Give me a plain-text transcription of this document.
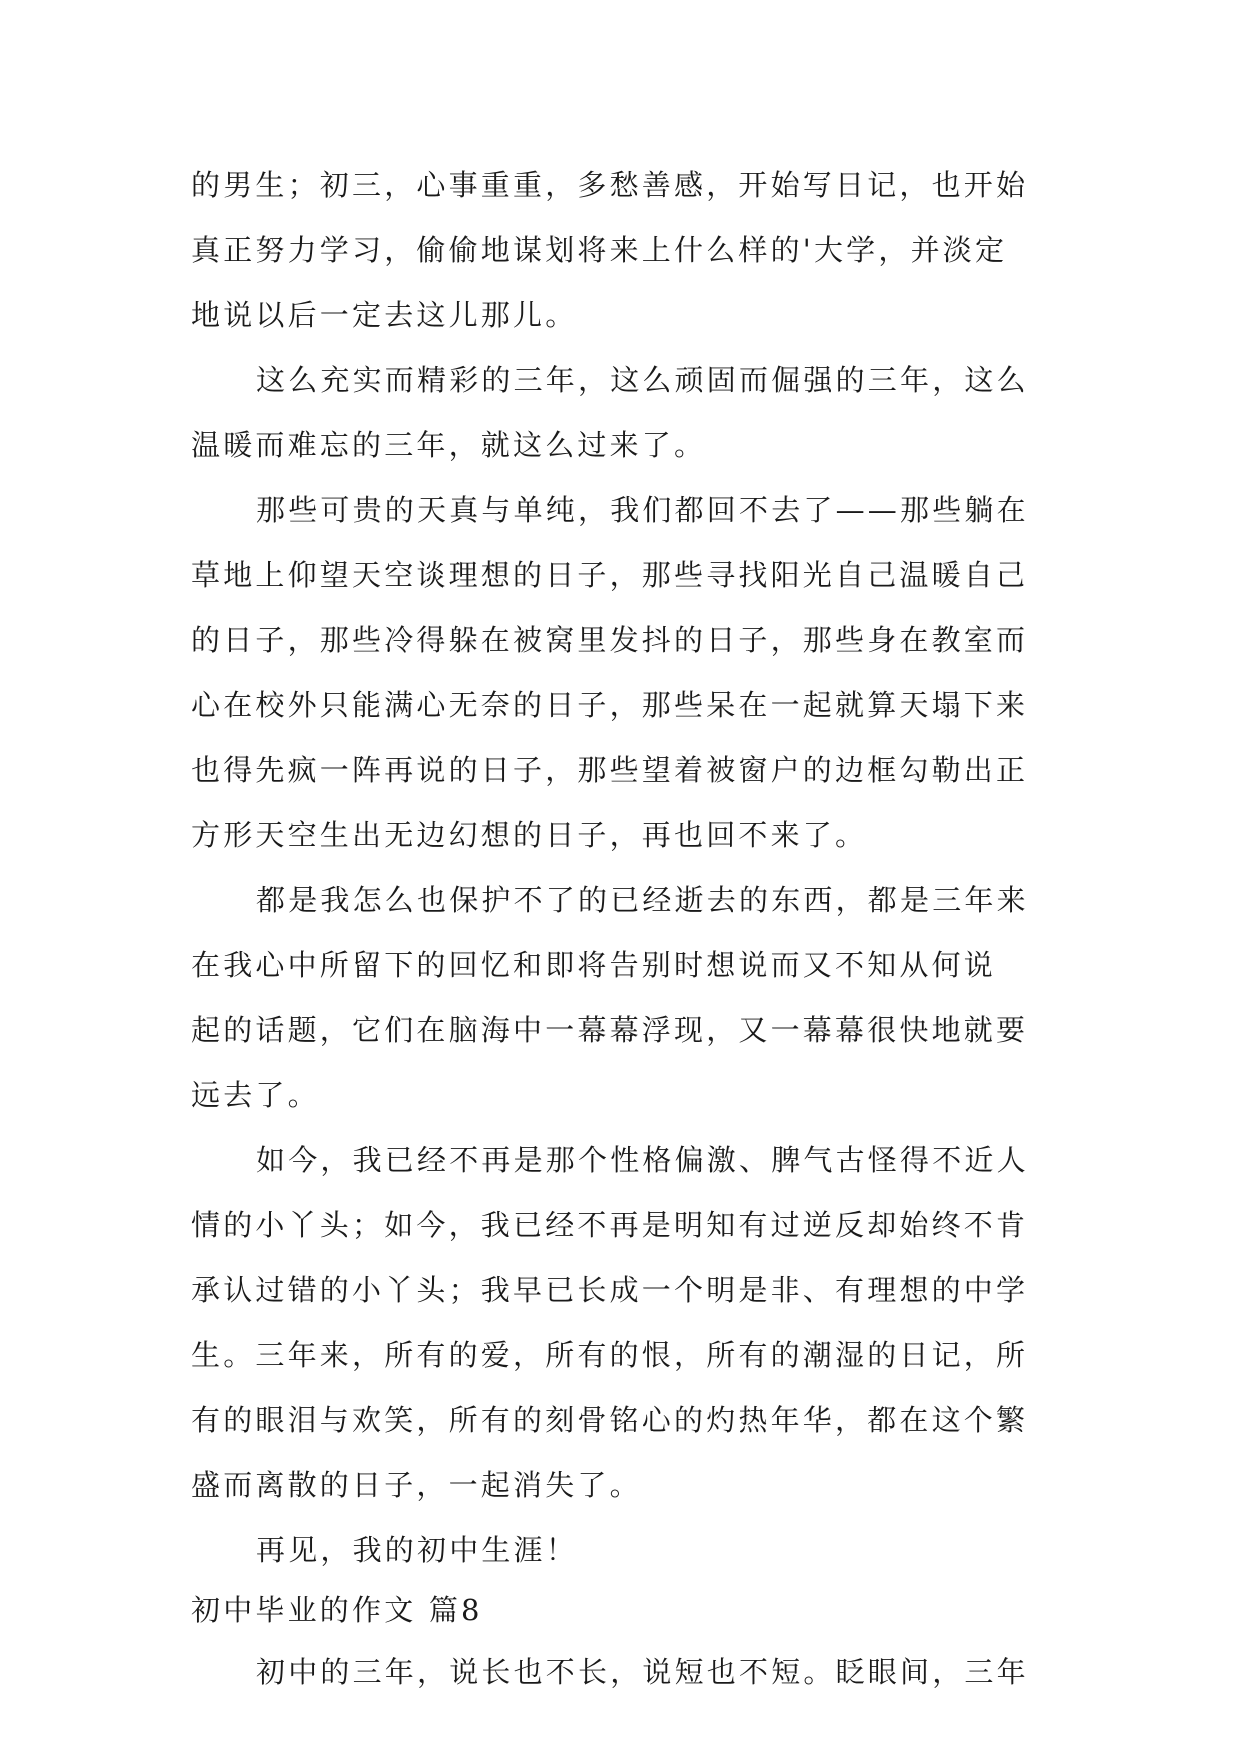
的男生；初三，心事重重，多愁善感，开始写日记，也开始
真正努力学习，偷偷地谋划将来上什么样的'大学，并淡定
地说以后一定去这儿那儿。
这么充实而精彩的三年，这么顽固而倔强的三年，这么
温暖而难忘的三年，就这么过来了。
那些可贵的天真与单纯，我们都回不去了——那些躺在
草地上仰望天空谈理想的日子，那些寻找阳光自己温暖自己
的日子，那些冷得躲在被窝里发抖的日子，那些身在教室而
心在校外只能满心无奈的日子，那些呆在一起就算天塌下来
也得先疯一阵再说的日子，那些望着被窗户的边框勾勒出正
方形天空生出无边幻想的日子，再也回不来了。
都是我怎么也保护不了的已经逝去的东西，都是三年来
在我心中所留下的回忆和即将告别时想说而又不知从何说
起的话题，它们在脑海中一幕幕浮现，又一幕幕很快地就要
远去了。
如今，我已经不再是那个性格偏激、脾气古怪得不近人
情的小丫头；如今，我已经不再是明知有过逆反却始终不肯
承认过错的小丫头；我早已长成一个明是非、有理想的中学
生。三年来，所有的爱，所有的恨，所有的潮湿的日记，所
有的眼泪与欢笑，所有的刻骨铭心的灼热年华，都在这个繁
盛而离散的日子，一起消失了。
再见，我的初中生涯！
初中毕业的作文 篇8
初中的三年，说长也不长，说短也不短。眨眼间，三年
